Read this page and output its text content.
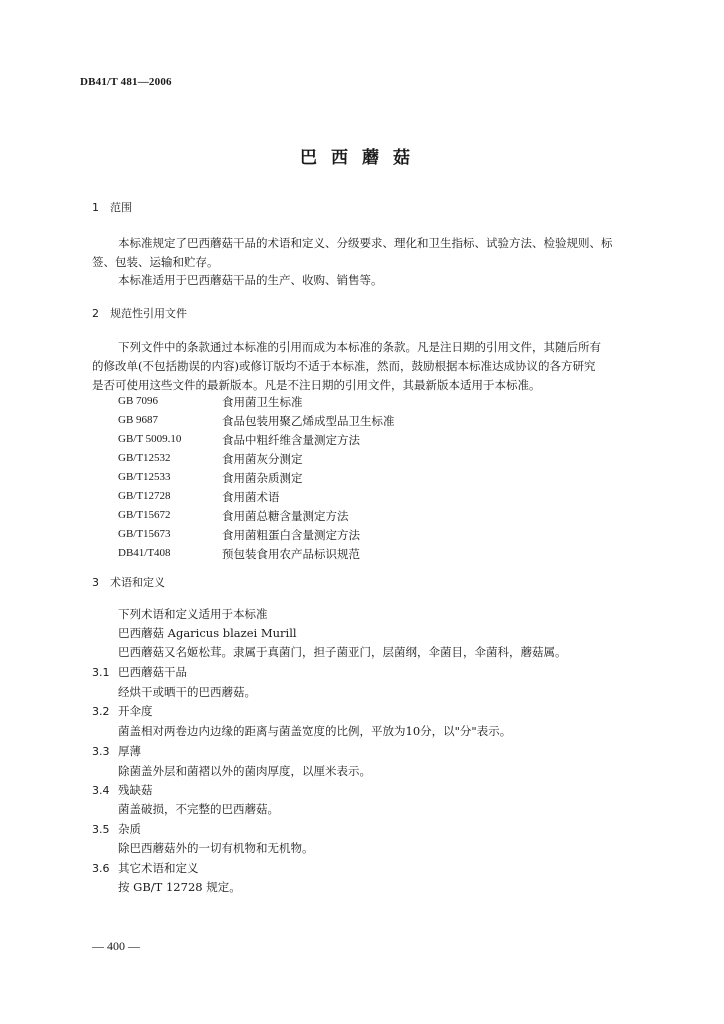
DB41/T 481—2006
巴西蘑菇
1　范围
本标准规定了巴西蘑菇干品的术语和定义、分级要求、理化和卫生指标、试验方法、检验规则、标
签、包装、运输和贮存。
本标准适用于巴西蘑菇干品的生产、收购、销售等。
2　规范性引用文件
下列文件中的条款通过本标准的引用而成为本标准的条款。凡是注日期的引用文件，其随后所有
的修改单(不包括勘误的内容)或修订版均不适于本标准，然而，鼓励根据本标准达成协议的各方研究
是否可使用这些文件的最新版本。凡是不注日期的引用文件，其最新版本适用于本标准。
GB 7096	食用菌卫生标准
GB 9687	食品包装用聚乙烯成型品卫生标准
GB/T 5009.10	食品中粗纤维含量测定方法
GB/T12532	食用菌灰分测定
GB/T12533	食用菌杂质测定
GB/T12728	食用菌术语
GB/T15672	食用菌总糖含量测定方法
GB/T15673	食用菌粗蛋白含量测定方法
DB41/T408	预包装食用农产品标识规范
3　术语和定义
下列术语和定义适用于本标准
巴西蘑菇 Agaricus blazei Murill
巴西蘑菇又名姬松茸。隶属于真菌门，担子菌亚门，层菌纲，伞菌目，伞菌科，蘑菇属。
3.1 巴西蘑菇干品
经烘干或晒干的巴西蘑菇。
3.2 开伞度
菌盖相对两卷边内边缘的距离与菌盖宽度的比例，平放为10分，以"分"表示。
3.3 厚薄
除菌盖外层和菌褶以外的菌肉厚度，以厘米表示。
3.4 残缺菇
菌盖破损，不完整的巴西蘑菇。
3.5 杂质
除巴西蘑菇外的一切有机物和无机物。
3.6 其它术语和定义
按 GB/T 12728 规定。
— 400 —
